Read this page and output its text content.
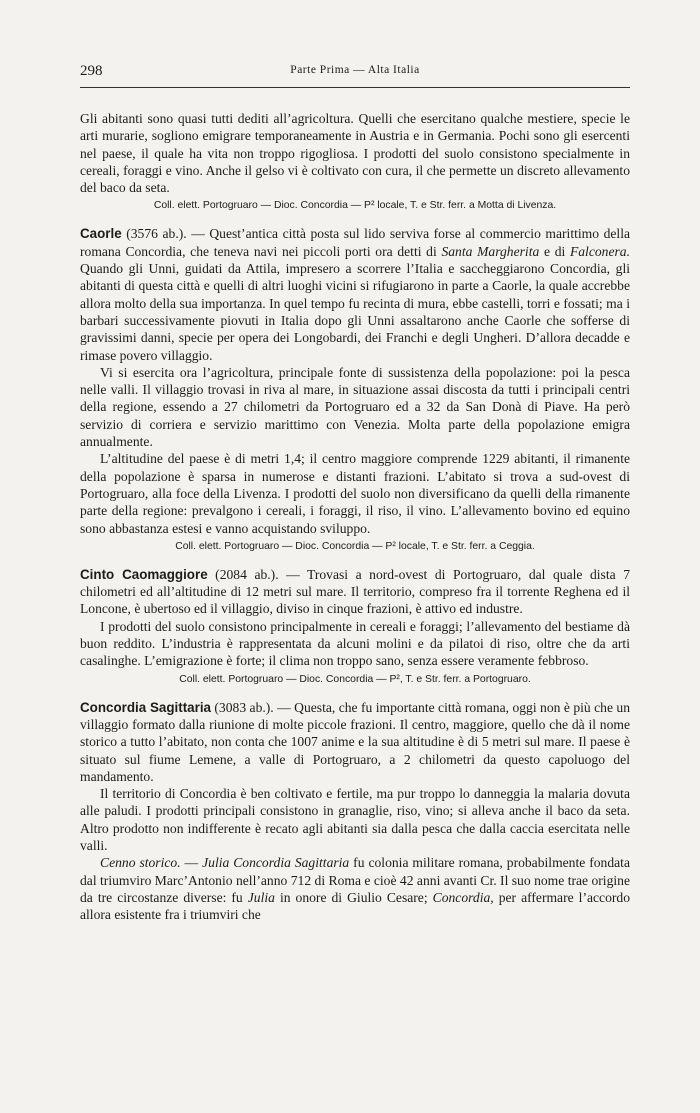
298	Parte Prima — Alta Italia

Gli abitanti sono quasi tutti dediti all’agricoltura. Quelli che esercitano qualche mestiere, specie le arti murarie, sogliono emigrare temporaneamente in Austria e in Germania. Pochi sono gli esercenti nel paese, il quale ha vita non troppo rigogliosa. I prodotti del suolo consistono specialmente in cereali, foraggi e vino. Anche il gelso vi è coltivato con cura, il che permette un discreto allevamento del baco da seta.

Coll. elett. Portogruaro — Dioc. Concordia — P² locale, T. e Str. ferr. a Motta di Livenza.

Caorle (3576 ab.). — Quest’antica città posta sul lido serviva forse al commercio marittimo della romana Concordia, che teneva navi nei piccoli porti ora detti di Santa Margherita e di Falconera. Quando gli Unni, guidati da Attila, impresero a scorrere l’Italia e saccheggiarono Concordia, gli abitanti di questa città e quelli di altri luoghi vicini si rifugiarono in parte a Caorle, la quale accrebbe allora molto della sua importanza. In quel tempo fu recinta di mura, ebbe castelli, torri e fossati; ma i barbari successivamente piovuti in Italia dopo gli Unni assaltarono anche Caorle che sofferse di gravissimi danni, specie per opera dei Longobardi, dei Franchi e degli Ungheri. D’allora decadde e rimase povero villaggio.

Vi si esercita ora l’agricoltura, principale fonte di sussistenza della popolazione: poi la pesca nelle valli. Il villaggio trovasi in riva al mare, in situazione assai discosta da tutti i principali centri della regione, essendo a 27 chilometri da Portogruaro ed a 32 da San Donà di Piave. Ha però servizio di corriera e servizio marittimo con Venezia. Molta parte della popolazione emigra annualmente.

L’altitudine del paese è di metri 1,4; il centro maggiore comprende 1229 abitanti, il rimanente della popolazione è sparsa in numerose e distanti frazioni. L’abitato si trova a sud-ovest di Portogruaro, alla foce della Livenza. I prodotti del suolo non diversificano da quelli della rimanente parte della regione: prevalgono i cereali, i foraggi, il riso, il vino. L’allevamento bovino ed equino sono abbastanza estesi e vanno acquistando sviluppo.

Coll. elett. Portogruaro — Dioc. Concordia — P² locale, T. e Str. ferr. a Ceggia.

Cinto Caomaggiore (2084 ab.). — Trovasi a nord-ovest di Portogruaro, dal quale dista 7 chilometri ed all’altitudine di 12 metri sul mare. Il territorio, compreso fra il torrente Reghena ed il Loncone, è ubertoso ed il villaggio, diviso in cinque frazioni, è attivo ed industre.

I prodotti del suolo consistono principalmente in cereali e foraggi; l’allevamento del bestiame dà buon reddito. L’industria è rappresentata da alcuni molini e da pilatoi di riso, oltre che da arti casalinghe. L’emigrazione è forte; il clima non troppo sano, senza essere veramente febbroso.

Coll. elett. Portogruaro — Dioc. Concordia — P², T. e Str. ferr. a Portogruaro.

Concordia Sagittaria (3083 ab.). — Questa, che fu importante città romana, oggi non è più che un villaggio formato dalla riunione di molte piccole frazioni. Il centro, maggiore, quello che dà il nome storico a tutto l’abitato, non conta che 1007 anime e la sua altitudine è di 5 metri sul mare. Il paese è situato sul fiume Lemene, a valle di Portogruaro, a 2 chilometri da questo capoluogo del mandamento.

Il territorio di Concordia è ben coltivato e fertile, ma pur troppo lo danneggia la malaria dovuta alle paludi. I prodotti principali consistono in granaglie, riso, vino; si alleva anche il baco da seta. Altro prodotto non indifferente è recato agli abitanti sia dalla pesca che dalla caccia esercitata nelle valli.

Cenno storico. — Julia Concordia Sagittaria fu colonia militare romana, probabilmente fondata dal triumviro Marc’Antonio nell’anno 712 di Roma e cioè 42 anni avanti Cr. Il suo nome trae origine da tre circostanze diverse: fu Julia in onore di Giulio Cesare; Concordia, per affermare l’accordo allora esistente fra i triumviri che
